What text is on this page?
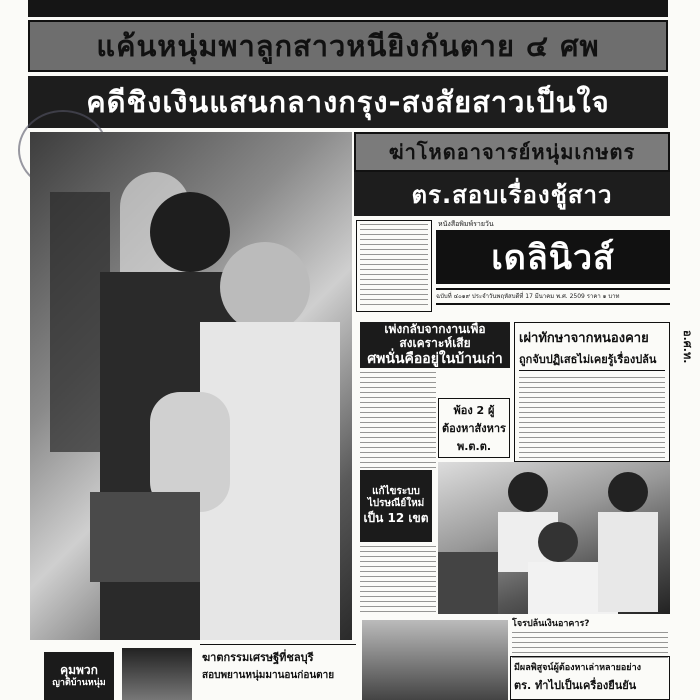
แค้นหนุ่มพาลูกสาวหนียิงกันตาย ๔ ศพ
คดีชิงเงินแสนกลางกรุง-สงสัยสาวเป็นใจ
ฆ่าโหดอาจารย์หนุ่มเกษตร
ตร.สอบเรื่องชู้สาว
หนังสือพิมพ์รายวัน
เดลินิวส์
ฉบับที่ ๔๐๑๙ ประจำวันพฤหัสบดีที่ 17 มีนาคม พ.ศ. 2509 ราคา ๑ บาท
อ.ศ.ท.
เพ่งกลับจากงานเพื่อสงเคราะห์เสีย
ศพนั่นคืออยู่ในบ้านเก่า
พ้อง 2 ผู้ต้องหาสังหาร พ.ต.ต.
เผ่าทักษาจากหนองคาย
ถูกจับปฏิเสธไม่เคยรู้เรื่องปล้น
แก้ไขระบบ ไปรษณีย์ใหม่
เป็น 12 เขต
โจรปล้นเงินอาคาร?
คุมพวก
ญาติบ้านหนุ่ม
ฆาตกรรมเศรษฐีที่ชลบุรี
สอบพยานหนุ่มมานอนก่อนตาย
มีผลพิสูจน์ผู้ต้องหาเล่าหลายอย่าง
ตร. ทำไปเป็นเครื่องยืนยัน
